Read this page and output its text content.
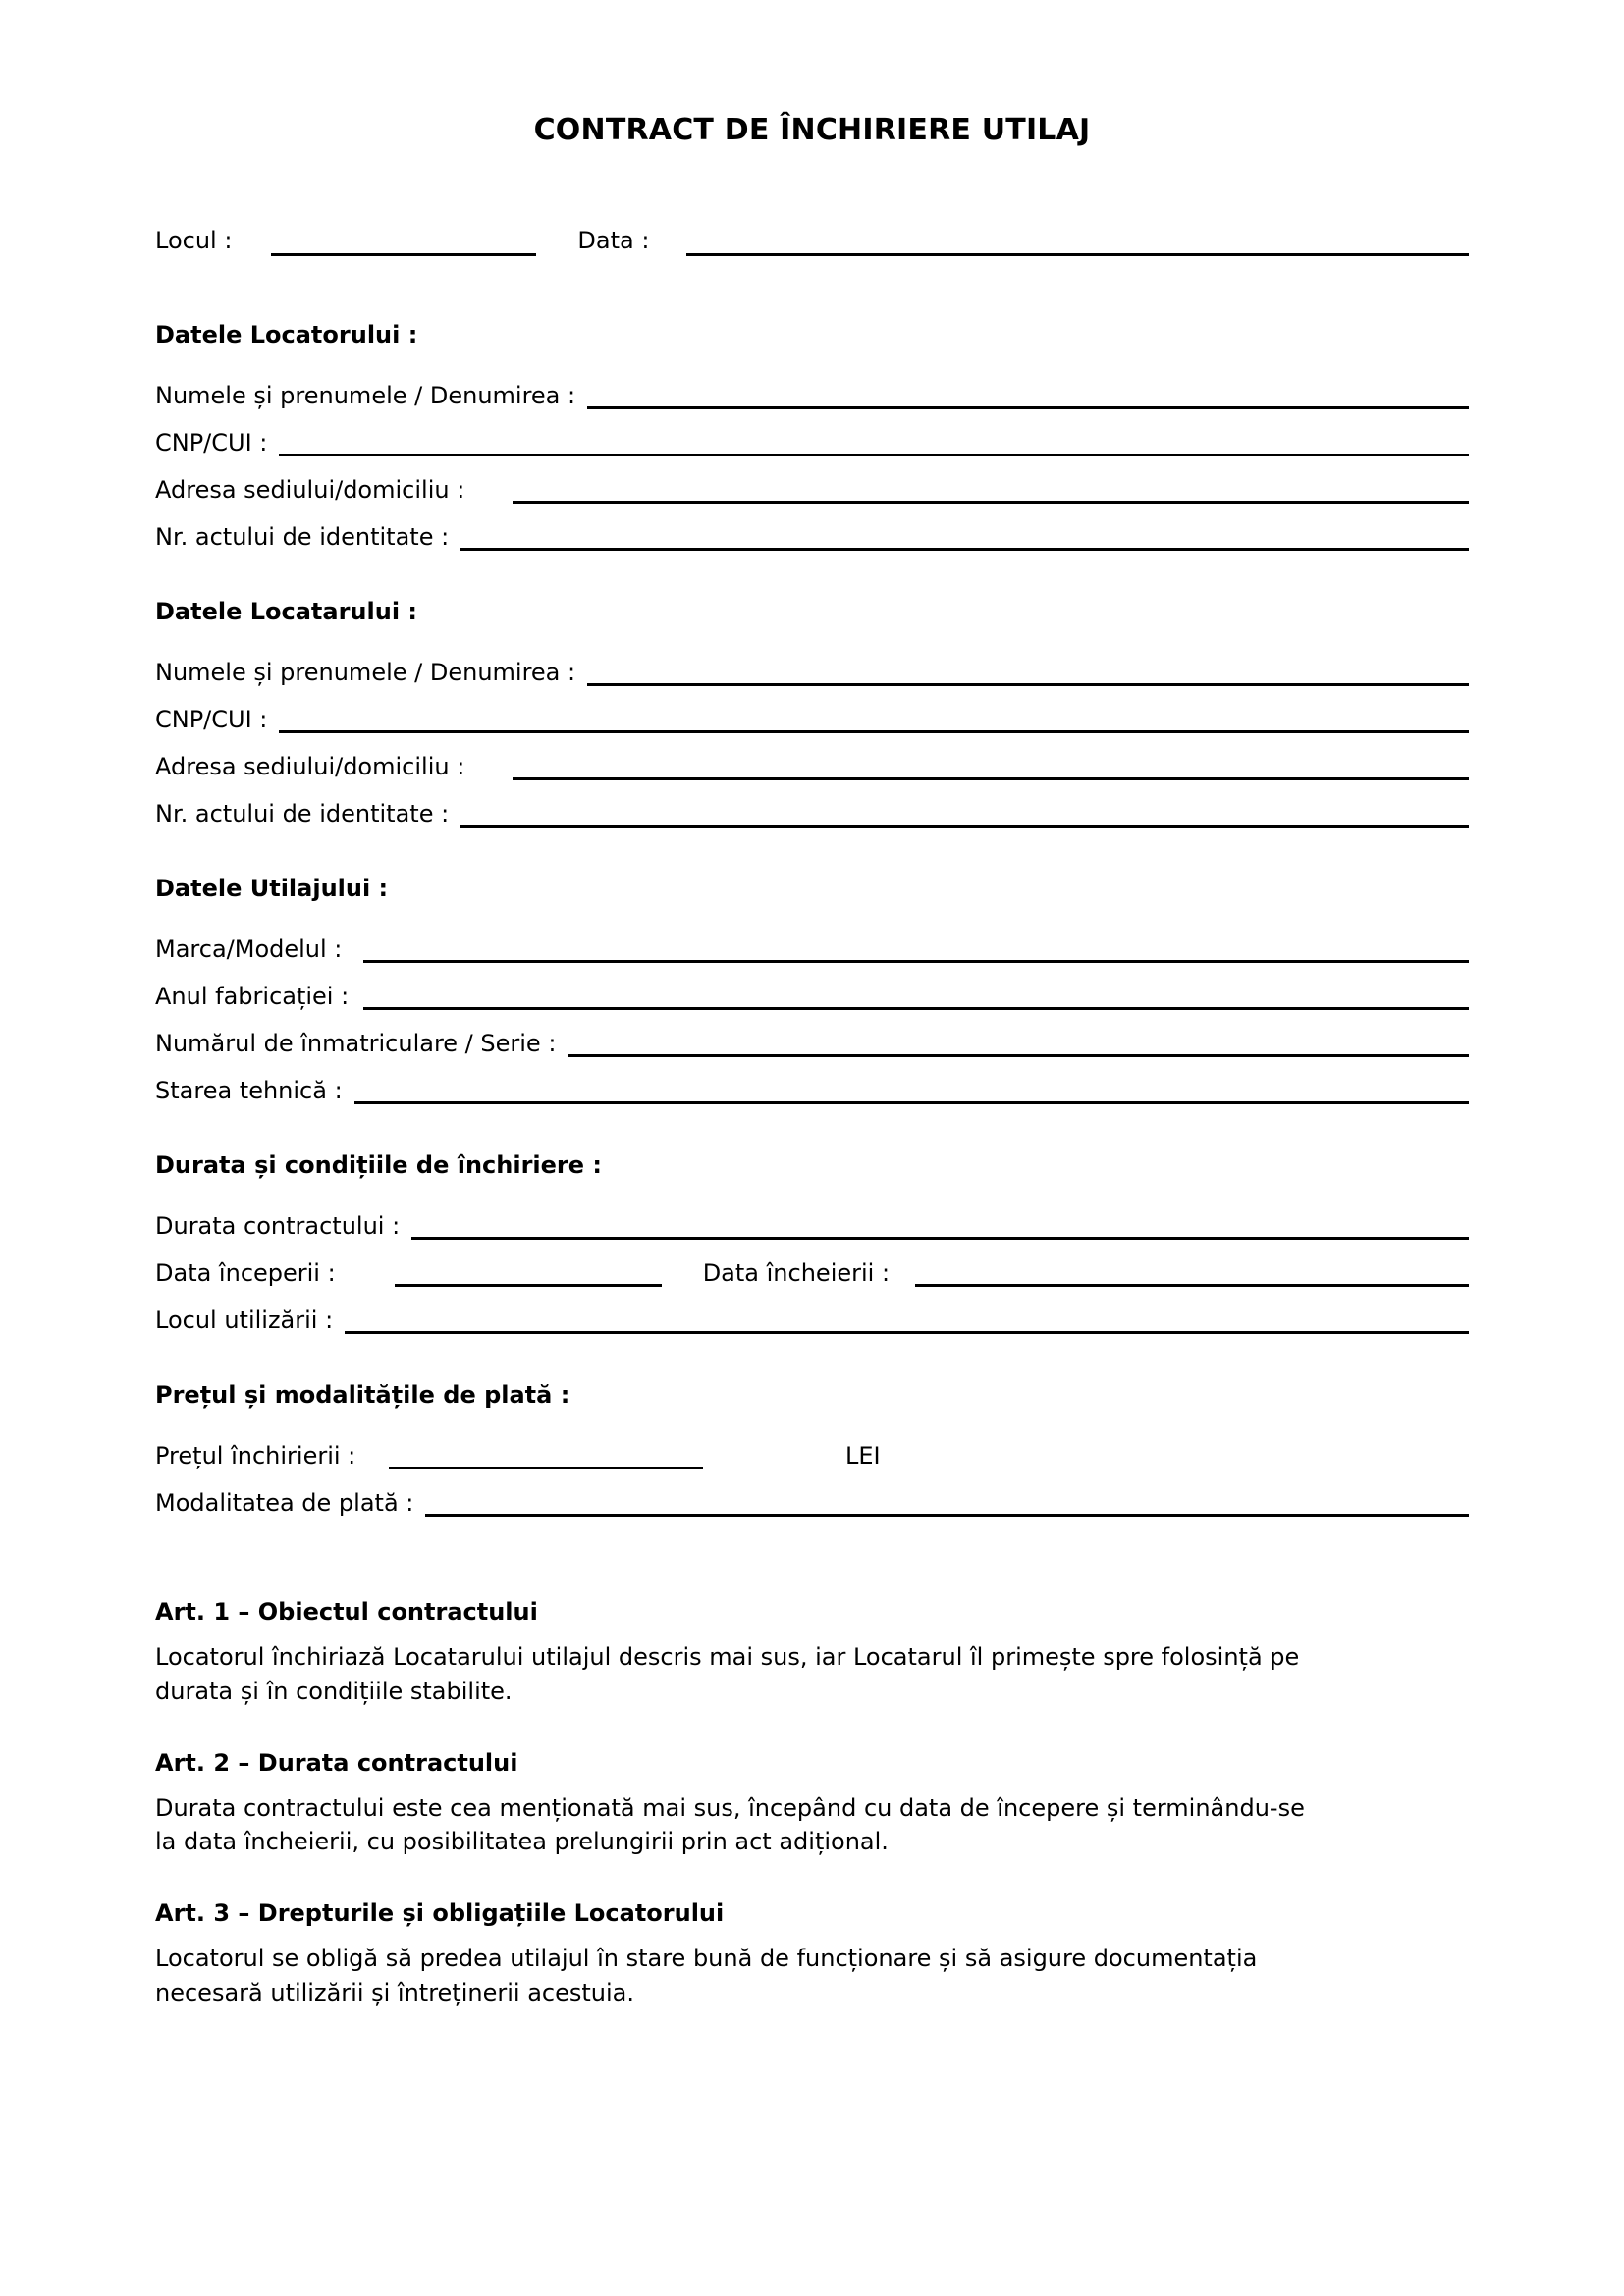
CONTRACT DE ÎNCHIRIERE UTILAJ
Locul :	Data :
Datele Locatorului :
Numele și prenumele / Denumirea :
CNP/CUI :
Adresa sediului/domiciliu :
Nr. actului de identitate :
Datele Locatarului :
Numele și prenumele / Denumirea :
CNP/CUI :
Adresa sediului/domiciliu :
Nr. actului de identitate :
Datele Utilajului :
Marca/Modelul :
Anul fabricației :
Numărul de înmatriculare / Serie :
Starea tehnică :
Durata și condițiile de închiriere :
Durata contractului :
Data începerii :	Data încheierii :
Locul utilizării :
Prețul și modalitățile de plată :
Prețul închirierii :	LEI
Modalitatea de plată :
Art. 1 – Obiectul contractului

Locatorul închiriază Locatarului utilajul descris mai sus, iar Locatarul îl primește spre folosință pe durata și în condițiile stabilite.

Art. 2 – Durata contractului

Durata contractului este cea menționată mai sus, începând cu data de începere și terminându-se la data încheierii, cu posibilitatea prelungirii prin act adițional.

Art. 3 – Drepturile și obligațiile Locatorului

Locatorul se obligă să predea utilajul în stare bună de funcționare și să asigure documentația necesară utilizării și întreținerii acestuia.
